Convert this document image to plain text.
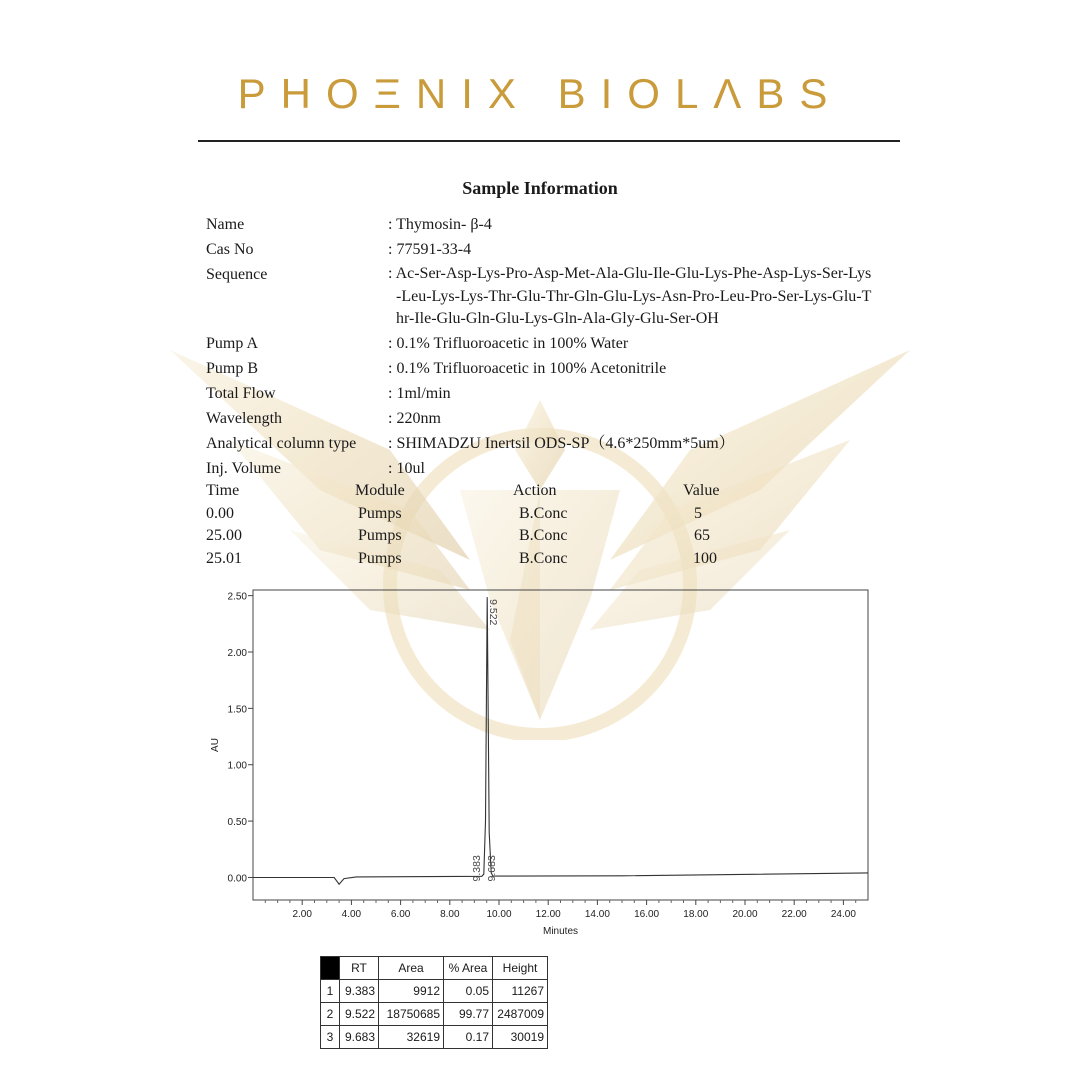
PHOΞNIX BIOLΛBS
Sample Information
Name	: Thymosin- β-4
Cas No	: 77591-33-4
Sequence	: Ac-Ser-Asp-Lys-Pro-Asp-Met-Ala-Glu-Ile-Glu-Lys-Phe-Asp-Lys-Ser-Lys
-Leu-Lys-Lys-Thr-Glu-Thr-Gln-Glu-Lys-Asn-Pro-Leu-Pro-Ser-Lys-Glu-T
hr-Ile-Glu-Gln-Glu-Lys-Gln-Ala-Gly-Glu-Ser-OH
Pump A	: 0.1% Trifluoroacetic in 100% Water
Pump B	: 0.1% Trifluoroacetic in 100% Acetonitrile
Total Flow	: 1ml/min
Wavelength	: 220nm
Analytical column type	: SHIMADZU Inertsil ODS-SP（4.6*250mm*5um）
Inj. Volume	: 10ul
Time	Module	Action	Value
0.00	Pumps	B.Conc	5
25.00	Pumps	B.Conc	65
25.01	Pumps	B.Conc	100
2.00	4.00	6.00	8.00	10.00 12.00 14.00 16.00 18.00 20.00 22.00 24.00
0.00
0.50
1.00
1.50
2.00
2.50
Minutes
AU
9.383
9.522
9.683
	RT	Area	% Area	Height
1	9.383	9912	0.05	11267
2	9.522	18750685	99.77	2487009
3	9.683	32619	0.17	30019
